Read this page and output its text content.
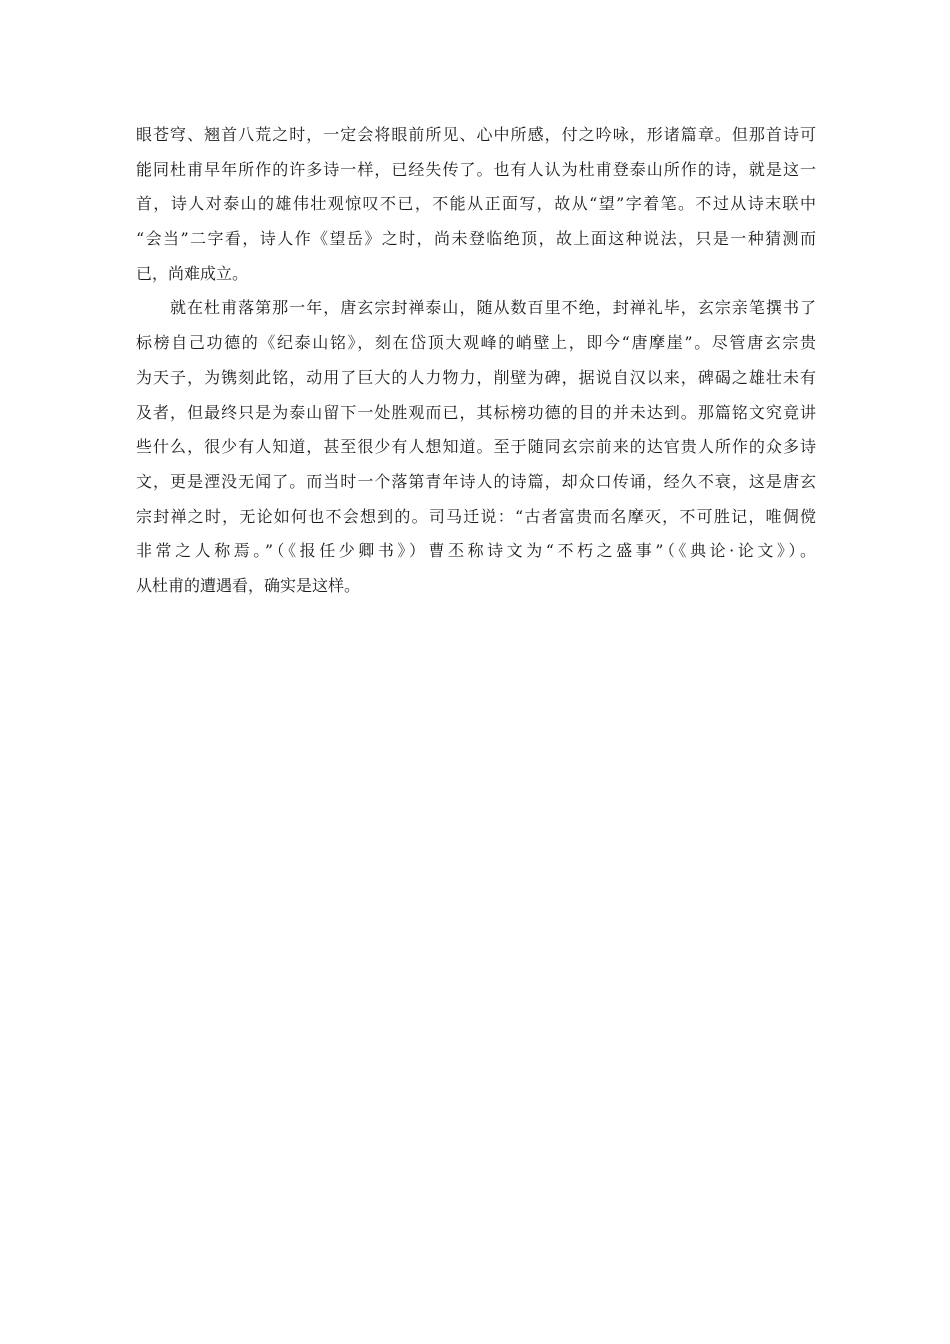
眼苍穹、翘首八荒之时，一定会将眼前所见、心中所感，付之吟咏，形诸篇章。但那首诗可
能同杜甫早年所作的许多诗一样，已经失传了。也有人认为杜甫登泰山所作的诗，就是这一
首，诗人对泰山的雄伟壮观惊叹不已，不能从正面写，故从“望”字着笔。不过从诗末联中
“会当”二字看，诗人作《望岳》之时，尚未登临绝顶，故上面这种说法，只是一种猜测而
已，尚难成立。
就在杜甫落第那一年，唐玄宗封禅泰山，随从数百里不绝，封禅礼毕，玄宗亲笔撰书了
标榜自己功德的《纪泰山铭》，刻在岱顶大观峰的峭壁上，即今“唐摩崖”。尽管唐玄宗贵
为天子，为镌刻此铭，动用了巨大的人力物力，削壁为碑，据说自汉以来，碑碣之雄壮未有
及者，但最终只是为泰山留下一处胜观而已，其标榜功德的目的并未达到。那篇铭文究竟讲
些什么，很少有人知道，甚至很少有人想知道。至于随同玄宗前来的达官贵人所作的众多诗
文，更是湮没无闻了。而当时一个落第青年诗人的诗篇，却众口传诵，经久不衰，这是唐玄
宗封禅之时，无论如何也不会想到的。司马迁说：“古者富贵而名摩灭，不可胜记，唯倜傥
非常之人称焉。”（《报任少卿书》）曹丕称诗文为“不朽之盛事”（《典论·论文》）。
从杜甫的遭遇看，确实是这样。
